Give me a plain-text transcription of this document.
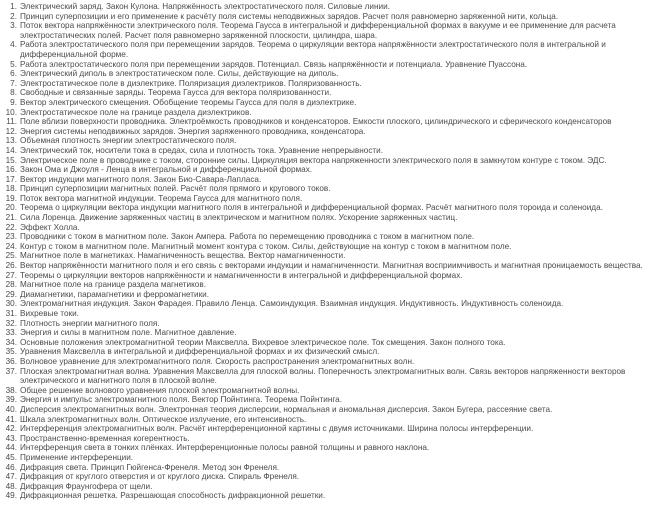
1. Электрический заряд. Закон Кулона. Напряжённость электростатического поля. Силовые линии.
2. Принцип суперпозиции и его применение к расчёту поля системы неподвижных зарядов. Расчет поля равномерно заряженной нити, кольца.
3. Поток вектора напряжённости электрического поля. Теорема Гаусса в интегральной и дифференциальной формах в вакууме и ее применение для расчета электростатических полей. Расчет поля равномерно заряженной плоскости, цилиндра, шара.
4. Работа электростатического поля при перемещении зарядов. Теорема о циркуляции вектора напряжённости электростатического поля в интегральной и дифференциальной форме.
5. Работа электростатического поля при перемещении зарядов. Потенциал. Связь напряжённости и потенциала. Уравнение Пуассона.
6. Электрический диполь в электростатическом поле. Силы, действующие на диполь.
7. Электростатическое поле в диэлектрике. Поляризация диэлектриков. Поляризованность.
8. Свободные и связанные заряды. Теорема Гаусса для вектора поляризованности.
9. Вектор электрического смещения. Обобщение теоремы Гаусса для поля в диэлектрике.
10. Электростатическое поле на границе раздела диэлектриков.
11. Поле вблизи поверхности проводника. Электроёмкость проводников и конденсаторов. Емкости плоского, цилиндрического и сферического конденсаторов
12. Энергия системы неподвижных зарядов. Энергия заряженного проводника, конденсатора.
13. Объемная плотность энергии электростатического поля.
14. Электрический ток, носители тока в средах, сила и плотность тока. Уравнение непрерывности.
15. Электрическое поле в проводнике с током, сторонние силы. Циркуляция вектора напряженности электрического поля в замкнутом контуре с током. ЭДС.
16. Закон Ома и Джоуля - Ленца в интегральной и дифференциальной формах.
17. Вектор индукции магнитного поля. Закон Био-Савара-Лапласа.
18. Принцип суперпозиции магнитных полей. Расчёт поля прямого и кругового токов.
19. Поток вектора магнитной индукции. Теорема Гаусса для магнитного поля.
20. Теорема о циркуляции вектора индукции магнитного поля в интегральной и дифференциальной формах. Расчёт магнитного поля тороида и соленоида.
21. Сила Лоренца. Движение заряженных частиц в электрическом и магнитном полях. Ускорение заряженных частиц.
22. Эффект Холла.
23. Проводники с током в магнитном поле. Закон Ампера. Работа по перемещению проводника с током в магнитном поле.
24. Контур с током в магнитном поле. Магнитный момент контура с током. Силы, действующие на контур с током в магнитном поле.
25. Магнитное поле в магнетиках. Намагниченность вещества. Вектор намагниченности.
26. Вектор напряжённости магнитного поля и его связь с векторами индукции и намагниченности. Магнитная восприимчивость и магнитная проницаемость вещества.
27. Теоремы о циркуляции векторов напряжённости и намагниченности в интегральной и дифференциальной формах.
28. Магнитное поле на границе раздела магнетиков.
29. Диамагнетики, парамагнетики и ферромагнетики.
30. Электромагнитная индукция. Закон Фарадея. Правило Ленца. Самоиндукция. Взаимная индукция. Индуктивность. Индуктивность соленоида.
31. Вихревые токи.
32. Плотность энергии магнитного поля.
33. Энергия и силы в магнитном поле. Магнитное давление.
34. Основные положения электромагнитной теории Максвелла. Вихревое электрическое поле. Ток смещения. Закон полного тока.
35. Уравнения Максвелла в интегральной и дифференциальной формах и их физический смысл.
36. Волновое уравнение для электромагнитного поля. Скорость распространения электромагнитных волн.
37. Плоская электромагнитная волна. Уравнения Максвелла для плоской волны. Поперечность электромагнитных волн. Связь векторов напряженности векторов электрического и магнитного поля в плоской волне.
38. Общее решение волнового уравнения плоской электромагнитной волны.
39. Энергия и импульс электромагнитного поля. Вектор Пойнтинга. Теорема Пойнтинга.
40. Дисперсия электромагнитных волн. Электронная теория дисперсии, нормальная и аномальная дисперсия. Закон Бугера, рассеяние света.
41. Шкала электромагнитных волн. Оптическое излучение, его интенсивность.
42. Интерференция электромагнитных волн. Расчёт интерференционной картины с двумя источниками. Ширина полосы интерференции.
43. Пространственно-временная когерентность.
44. Интерференция света в тонких плёнках. Интерференционные полосы равной толщины и равного наклона.
45. Применение интерференции.
46. Дифракция света. Принцип Гюйгенса-Френеля. Метод зон Френеля.
47. Дифракция от круглого отверстия и от круглого диска. Спираль Френеля.
48. Дифракция Фраунгофера от щели.
49. Дифракционная решетка. Разрешающая способность дифракционной решетки.
